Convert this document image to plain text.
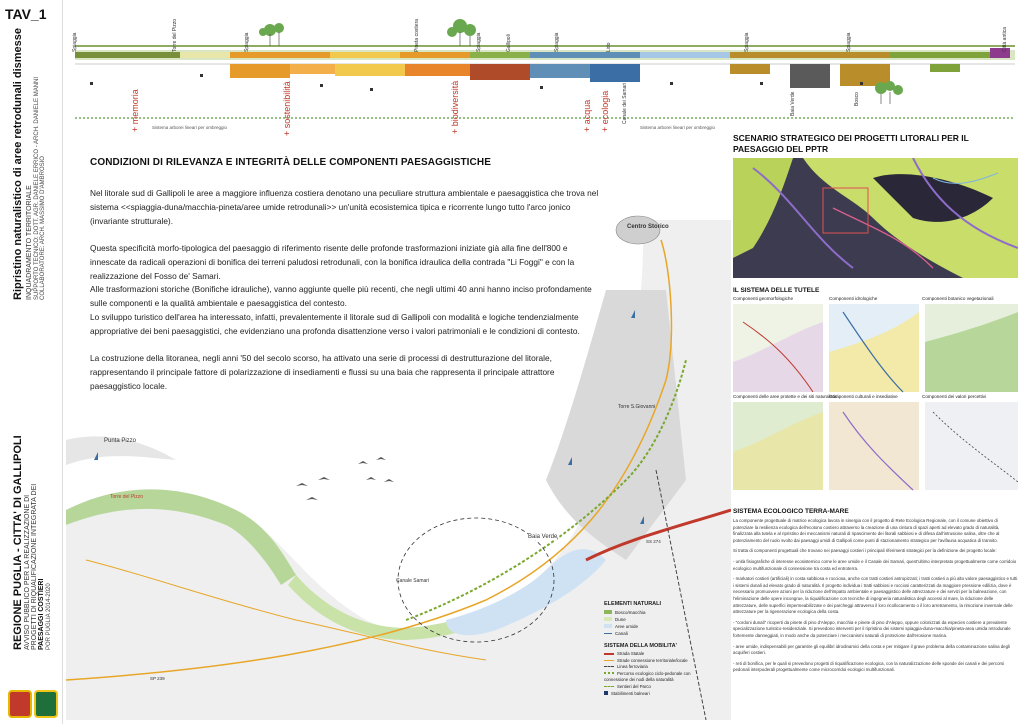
TAV_1
Ripristino naturalistico di aree retrodunali dismesse INQUADRAMENTO TERRITORIALE SUPPORTO TECNICO: DOTT. AGR. DANIELE ERRICO - ARCH. DANIELE MANNI COLLABORATORE: ARCH. MASSIMO D'AMBROSIO
REGIONE PUGLIA - CITTA' DI GALLIPOLI AVVISO PUBBLICO PER LA REALIZZAZIONE DI PROGETTI DI RIQUALIFICAZIONE INTEGRATA DEI PAESAGGI COSTIERI POR PUGLIA 2014-2020
Spiaggia	Torre del Pizzo	Spiaggia	Pineta costiera	Spiaggia	Gallipoli	Spiaggia	Lido
Canale dei Samari
Spiaggia
Baia Verde
Spiaggia
Bosco
Città antica
+ memoria	+ sostenibilità	+ biodiversità	+ acqua + ecologia
Sistema arborei lineari per ombreggio	Sistema arborei lineari per ombreggio
CONDIZIONI DI RILEVANZA E INTEGRITÀ DELLE COMPONENTI PAESAGGISTICHE

Nel litorale sud di Gallipoli le aree a maggiore influenza costiera denotano una peculiare struttura ambientale e paesaggistica che trova nel sistema <<spiaggia-duna/macchia-pineta/aree umide retrodunali>> un'unità ecosistemica tipica e ricorrente lungo tutto l'arco jonico (invariante strutturale).

Questa specificità morfo-tipologica del paesaggio di riferimento risente delle profonde trasformazioni iniziate già alla fine dell'800 e innescate da radicali operazioni di bonifica dei terreni paludosi retrodunali, con la bonifica idraulica della contrada "Li Foggi" e con la realizzazione del Fosso de' Samari.

Alle trasformazioni storiche (Bonifiche idrauliche), vanno aggiunte quelle più recenti, che negli ultimi 40 anni hanno inciso profondamente sulle componenti e la qualità ambientale e paesaggistica del contesto.

Lo sviluppo turistico dell'area ha interessato, infatti, prevalentemente il litorale sud di Gallipoli con modalità e logiche tendenzialmente appropriative dei beni paesaggistici, che evidenziano una profonda disattenzione verso i valori patrimoniali e le condizioni di contesto.

La costruzione della litoranea, negli anni '50 del secolo scorso, ha attivato una serie di processi di destrutturazione del litorale, rappresentando il principale fattore di polarizzazione di insediamenti e flussi su una baia che rappresenta il principale attrattore paesaggistico locale.

Centro Storico
Torre S.Giovanni
Punta Pizzo
Torre del Pizzo
Baia Verde
Canale Samari
SS 274
SP 239
ELEMENTI NATURALI
Bosco/macchia
Dune
Aree umide
Canali
SISTEMA DELLA MOBILITA'
Strada Statale
Strade connessione territoriale/locale
Linea ferroviaria
Percorso ecologico ciclo-pedonale con connessione dei nodi della naturalità
Sentieri del Parco
Stabilimenti balneari
SCENARIO STRATEGICO DEI PROGETTI LITORALI PER IL PAESAGGIO DEL PPTR
IL SISTEMA DELLE TUTELE
Componenti geomorfologiche	Componenti idrologiche	Componenti botanico vegetazionali
Componenti delle aree protette e dei siti naturalistici
Componenti culturali e insediative	Componenti dei valori percettivi
SISTEMA ECOLOGICO TERRA-MARE

La componente progettuale di matrice ecologica lavora in sinergia con il progetto di Rete Ecologica Regionale, con il comune obiettivo di potenziare la resilienza ecologica dell'ecotono costiero attraverso la creazione di una cintura di spazi aperti ad elevato grado di naturalità, finalizzata alla tutela e al ripristino dei meccanismi naturali di ripascimento dei litorali sabbiosi e di difesa dall'intrusione salina, oltre che al potenziamento del ruolo svolto dai paesaggi umidi di Gallipoli come punti di stazionamento strategico per l'avifauna acquatica di transito.

Si tratta di componenti progettuali che trovano nei paesaggi costieri i principali riferimenti strategici per la definizione dei progetto locale:

- unità fisiografiche di interesse ecosistemico come le aree umide e il Canale dei Samari, quest'ultimo interpretato progettualmente come corridoio ecologico multifunzionale di connessione tra costa ed entroterra.

- markatori costieri (artificiali) in costa sabbiosa e rocciosa, anche con tratti costieri antropizzati; i tratti costieri a più alto valore paesaggistico e tutti i sistemi dunali ad elevato grado di naturalità. Il progetto individua i tratti sabbiosi e rocciosi caratterizzati da maggiore pressione edilizia, dove è necessario promuovere azioni per la riduzione dell'impatto ambientale e paesaggistico delle attrezzature e dei servizi per la balneazione, con l'eliminazione delle opere incongrue, la riqualificazione con tecniche di ingegneria naturalistica degli accessi al mare, la riduzione delle attrezzature, delle superfici impermeabilizzate e dei parcheggi attraverso il loro ricollocamento o il loro arretramento, la rimozione invernale delle attrezzature per la rigenerazione ecologica della costa.

- "cordoni dunali" ricoperti da pinete di pino d'Aleppo, macchia e pinete di pino d'Aleppo, oppure colonizzati da especies costiere a prevalente specializzazione turistico-residenziale. Si prevedono interventi per il ripristino dei sistemi spiaggia-duna-macchia/pineta-area umida retrodunale fortemente danneggiati, in modo anche da potenziare i meccanismi naturali di protezione dall'erosione marina.

- aree umide, indispensabili per garantire gli equilibri idrodinamici della costa e per mitigare il grave problema della contaminazione salina degli acquiferi costieri.

- reti di bonifica, per le quali si prevedono progetti di riqualificazione ecologica, con la naturalizzazione delle sponde dei canali e dei percorsi pedonali interpoderali progettualmente come microcorridoi ecologici multifunzionali.
